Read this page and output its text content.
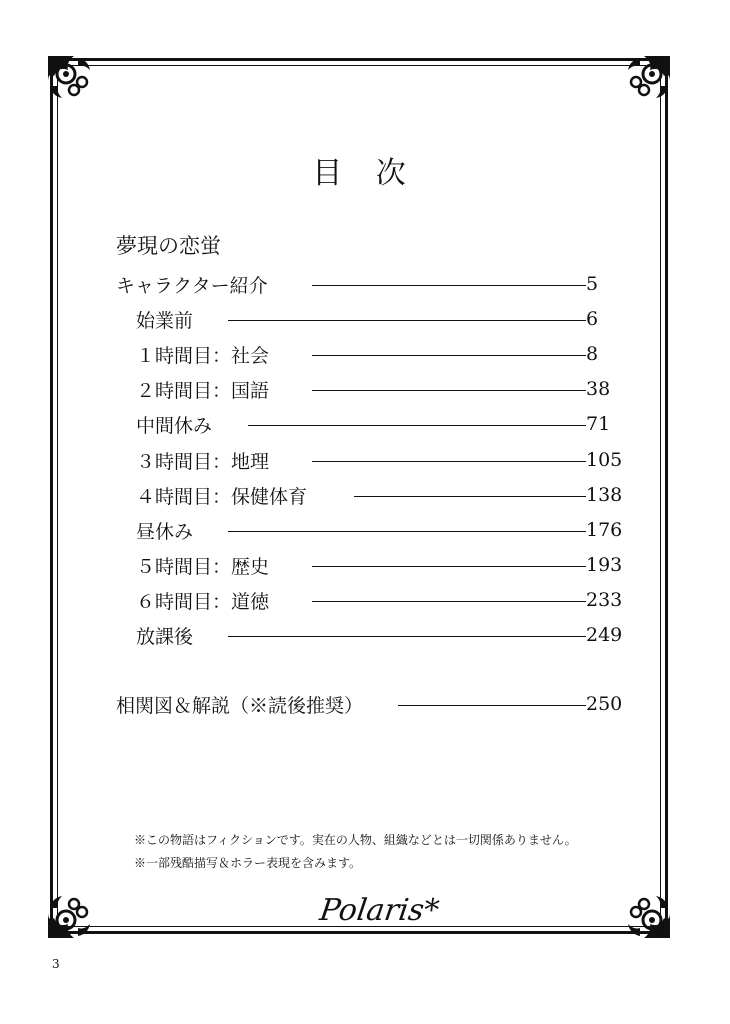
目 次
夢現の恋蛍
キャラクター紹介	5
始業前	6
１時間目：社会	8
２時間目：国語	38
中間休み	71
３時間目：地理	105
４時間目：保健体育	138
昼休み	176
５時間目：歴史	193
６時間目：道徳	233
放課後	249
相関図＆解説（※読後推奨）	250
※この物語はフィクションです。実在の人物、組織などとは一切関係ありません。
※一部残酷描写＆ホラー表現を含みます。
Polaris*
3
